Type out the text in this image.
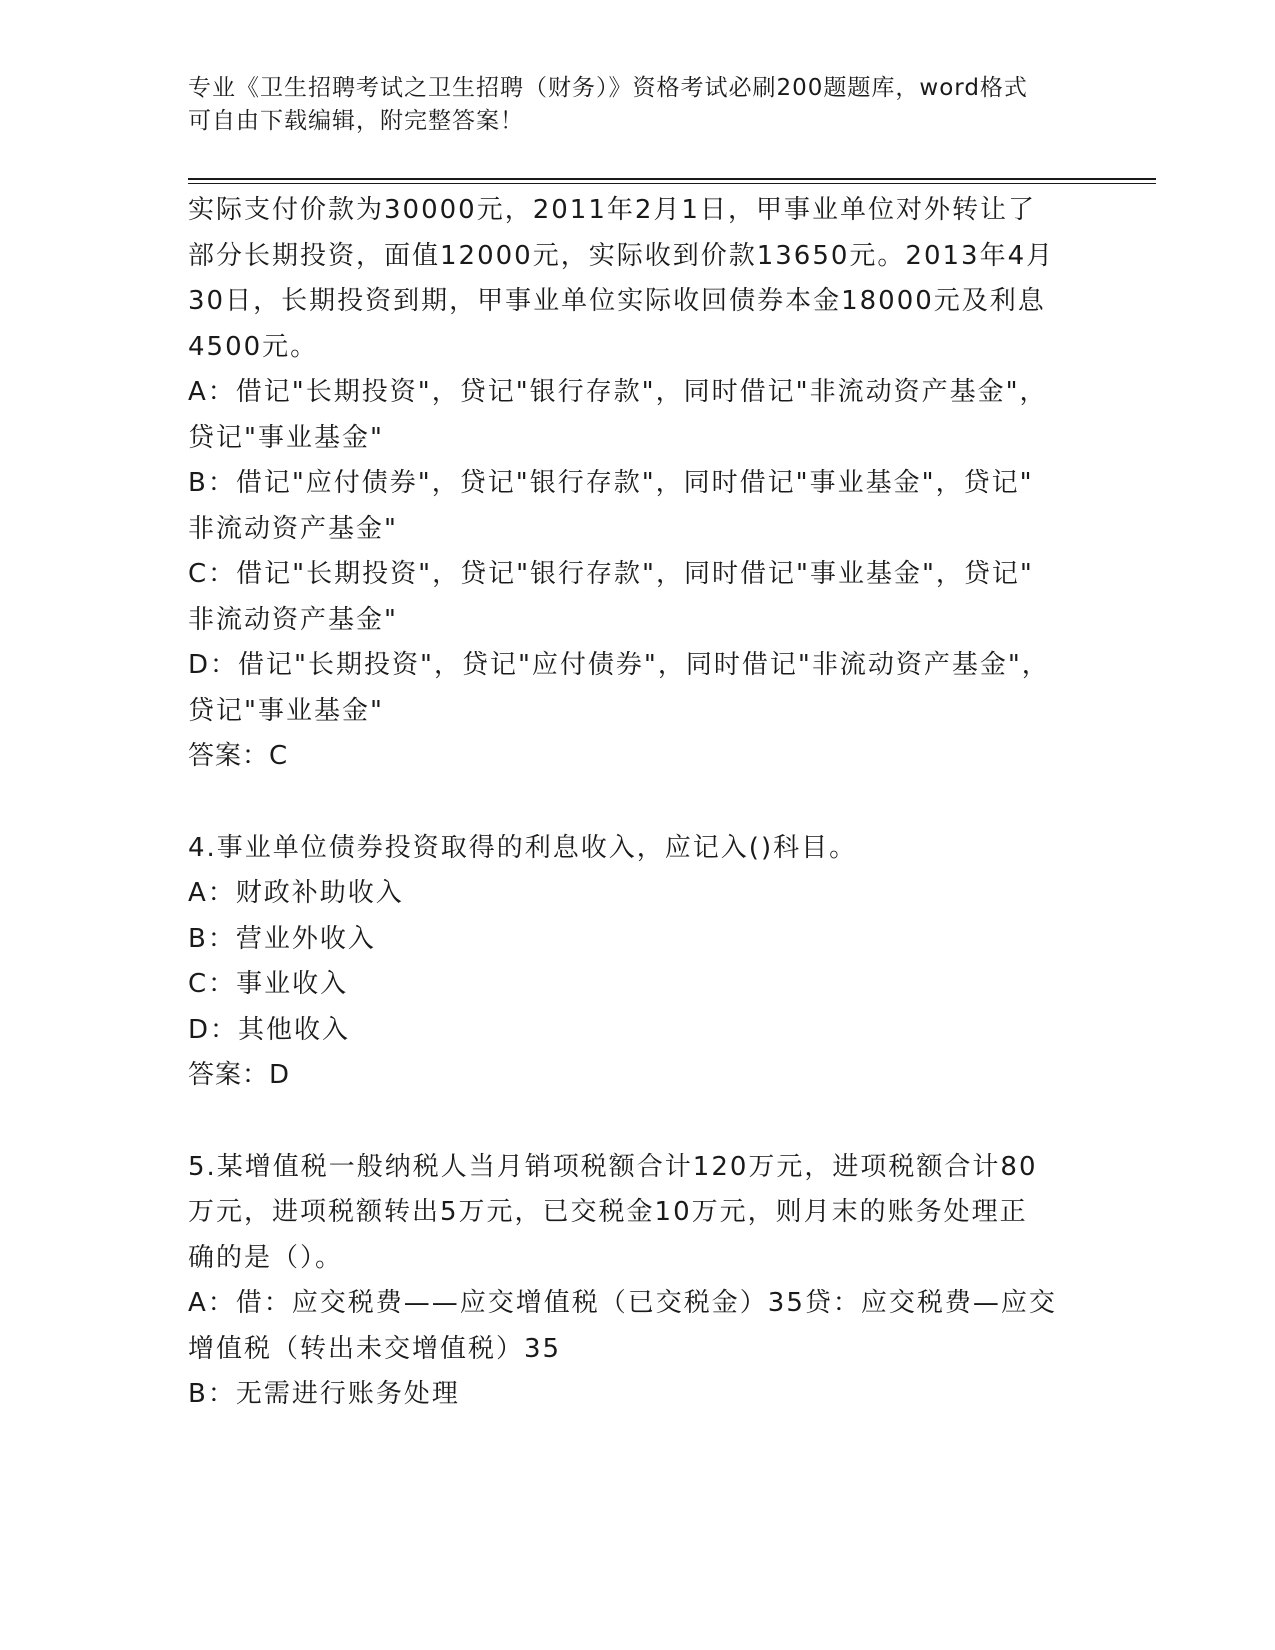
专业《卫生招聘考试之卫生招聘（财务）》资格考试必刷200题题库，word格式
可自由下载编辑，附完整答案！
实际支付价款为30000元，2011年2月1日，甲事业单位对外转让了
部分长期投资，面值12000元，实际收到价款13650元。2013年4月
30日，长期投资到期，甲事业单位实际收回债券本金18000元及利息
4500元。
A：借记"长期投资"，贷记"银行存款"，同时借记"非流动资产基金"，
贷记"事业基金"
B：借记"应付债券"，贷记"银行存款"，同时借记"事业基金"，贷记"
非流动资产基金"
C：借记"长期投资"，贷记"银行存款"，同时借记"事业基金"，贷记"
非流动资产基金"
D：借记"长期投资"，贷记"应付债券"，同时借记"非流动资产基金"，
贷记"事业基金"
答案：C
4.事业单位债券投资取得的利息收入，应记入()科目。
A：财政补助收入
B：营业外收入
C：事业收入
D：其他收入
答案：D
5.某增值税一般纳税人当月销项税额合计120万元，进项税额合计80
万元，进项税额转出5万元，已交税金10万元，则月末的账务处理正
确的是（）。
A：借：应交税费——应交增值税（已交税金）35贷：应交税费—应交
增值税（转出未交增值税）35
B：无需进行账务处理
